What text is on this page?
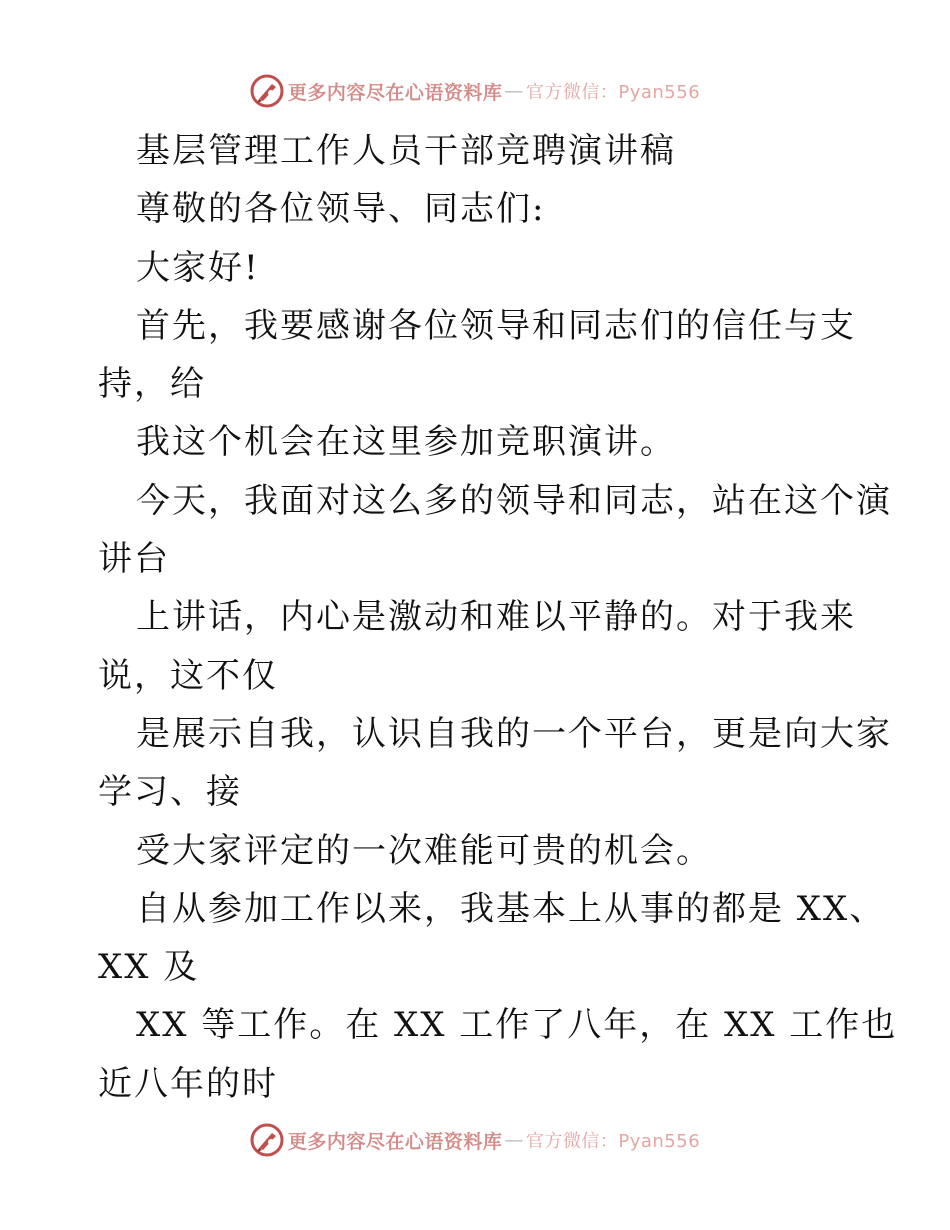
更多内容尽在心语资料库 — 官方微信：Pyan556
基层管理工作人员干部竞聘演讲稿
尊敬的各位领导、同志们:
大家好!
首先，我要感谢各位领导和同志们的信任与支
持，给
我这个机会在这里参加竞职演讲。
今天，我面对这么多的领导和同志，站在这个演
讲台
上讲话，内心是激动和难以平静的。对于我来
说，这不仅
是展示自我，认识自我的一个平台，更是向大家
学习、接
受大家评定的一次难能可贵的机会。
自从参加工作以来，我基本上从事的都是 XX、
XX 及
XX 等工作。在 XX 工作了八年，在 XX 工作也
近八年的时
更多内容尽在心语资料库 — 官方微信：Pyan556
